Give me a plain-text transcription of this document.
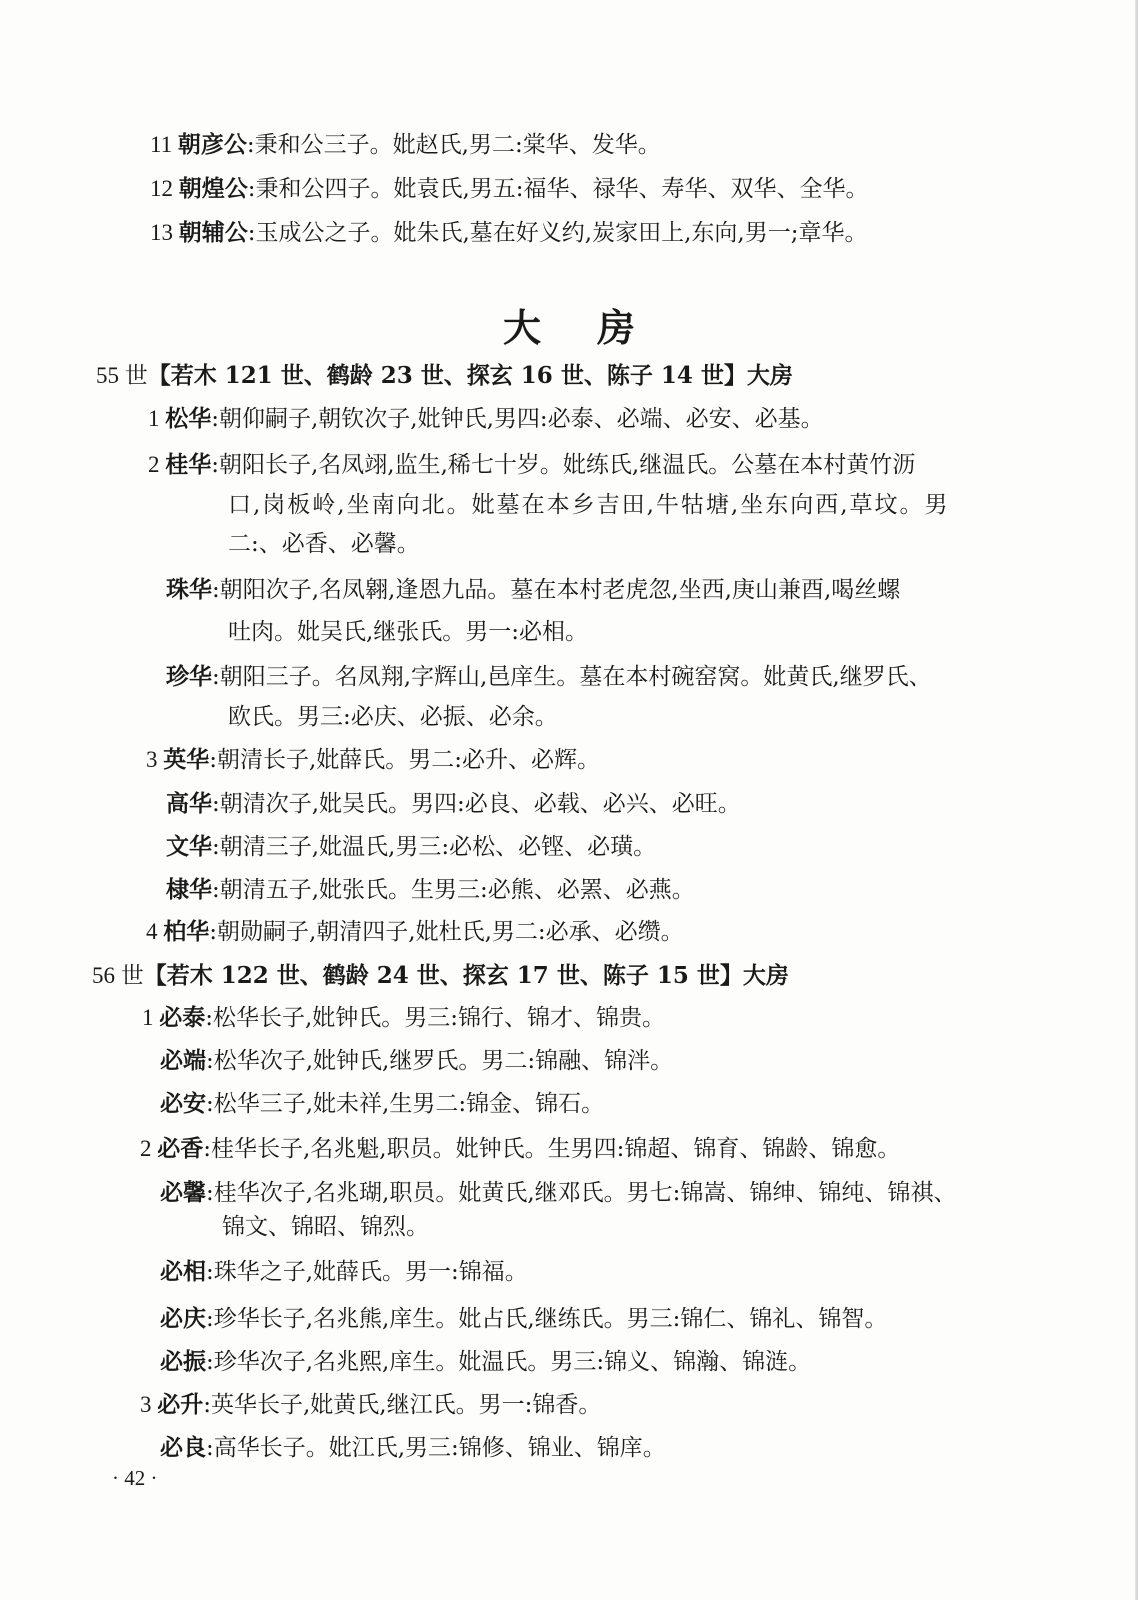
11 朝彦公:秉和公三子。妣赵氏,男二:棠华、发华。
12 朝煌公:秉和公四子。妣袁氏,男五:福华、禄华、寿华、双华、全华。
13 朝辅公:玉成公之子。妣朱氏,墓在好义约,炭家田上,东向,男一;章华。
大房
55 世【若木 121 世、鹤龄 23 世、探玄 16 世、陈子 14 世】大房
1 松华:朝仰嗣子,朝钦次子,妣钟氏,男四:必泰、必端、必安、必基。
2 桂华:朝阳长子,名凤翊,监生,稀七十岁。妣练氏,继温氏。公墓在本村黄竹沥
口,岗板岭,坐南向北。妣墓在本乡吉田,牛牯塘,坐东向西,草坟。男
二:、必香、必馨。
珠华:朝阳次子,名凤翱,逢恩九品。墓在本村老虎忽,坐西,庚山兼酉,喝丝螺
吐肉。妣吴氏,继张氏。男一:必相。
珍华:朝阳三子。名凤翔,字辉山,邑庠生。墓在本村碗窑窝。妣黄氏,继罗氏、
欧氏。男三:必庆、必振、必余。
3 英华:朝清长子,妣薛氏。男二:必升、必辉。
高华:朝清次子,妣吴氏。男四:必良、必载、必兴、必旺。
文华:朝清三子,妣温氏,男三:必松、必铿、必璜。
棣华:朝清五子,妣张氏。生男三:必熊、必罴、必燕。
4 柏华:朝勋嗣子,朝清四子,妣杜氏,男二:必承、必缵。
56 世【若木 122 世、鹤龄 24 世、探玄 17 世、陈子 15 世】大房
1 必泰:松华长子,妣钟氏。男三:锦行、锦才、锦贵。
必端:松华次子,妣钟氏,继罗氏。男二:锦融、锦泮。
必安:松华三子,妣未祥,生男二:锦金、锦石。
2 必香:桂华长子,名兆魁,职员。妣钟氏。生男四:锦超、锦育、锦龄、锦愈。
必馨:桂华次子,名兆瑚,职员。妣黄氏,继邓氏。男七:锦嵩、锦绅、锦纯、锦祺、
锦文、锦昭、锦烈。
必相:珠华之子,妣薛氏。男一:锦福。
必庆:珍华长子,名兆熊,庠生。妣占氏,继练氏。男三:锦仁、锦礼、锦智。
必振:珍华次子,名兆熙,庠生。妣温氏。男三:锦义、锦瀚、锦涟。
3 必升:英华长子,妣黄氏,继江氏。男一:锦香。
必良:高华长子。妣江氏,男三:锦修、锦业、锦庠。
· 42 ·
